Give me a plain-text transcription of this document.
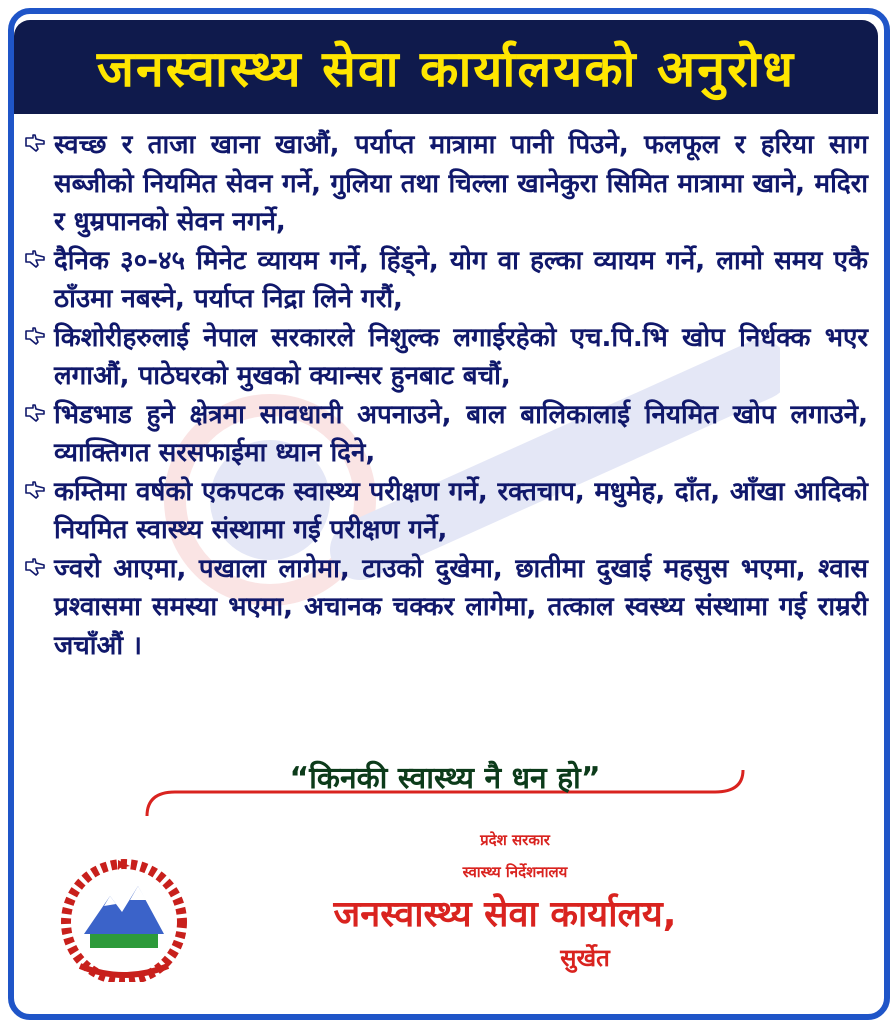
जनस्वास्थ्य सेवा कार्यालयको अनुरोध
स्वच्छ र ताजा खाना खाऔं, पर्याप्त मात्रामा पानी पिउने, फलफूल र हरिया साग सब्जीको नियमित सेवन गर्ने, गुलिया तथा चिल्ला खानेकुरा सिमित मात्रामा खाने, मदिरा र धुम्रपानको सेवन नगर्ने,
दैनिक ३०-४५ मिनेट व्यायम गर्ने, हिंड्ने, योग वा हल्का व्यायम गर्ने, लामो समय एकै ठाँउमा नबस्ने, पर्याप्त निद्रा लिने गरौं,
किशोरीहरुलाई नेपाल सरकारले निशुल्क लगाईरहेको एच.पि.भि खोप निर्धक्क भएर लगाऔं, पाठेघरको मुखको क्यान्सर हुनबाट बचौं,
भिडभाड हुने क्षेत्रमा सावधानी अपनाउने, बाल बालिकालाई नियमित खोप लगाउने, व्याक्तिगत सरसफाईमा ध्यान दिने,
कम्तिमा वर्षको एकपटक स्वास्थ्य परीक्षण गर्ने, रक्तचाप, मधुमेह, दाँत, आँखा आदिको नियमित स्वास्थ्य संस्थामा गई परीक्षण गर्ने,
ज्वरो आएमा, पखाला लागेमा, टाउको दुखेमा, छातीमा दुखाई महसुस भएमा, श्वास प्रश्वासमा समस्या भएमा, अचानक चक्कर लागेमा, तत्काल स्वस्थ्य संस्थामा गई राम्ररी जचाँऔं ।
“किनकी स्वास्थ्य नै धन हो”
प्रदेश सरकार
स्वास्थ्य निर्देशनालय
जनस्वास्थ्य सेवा कार्यालय,
सुर्खेत
